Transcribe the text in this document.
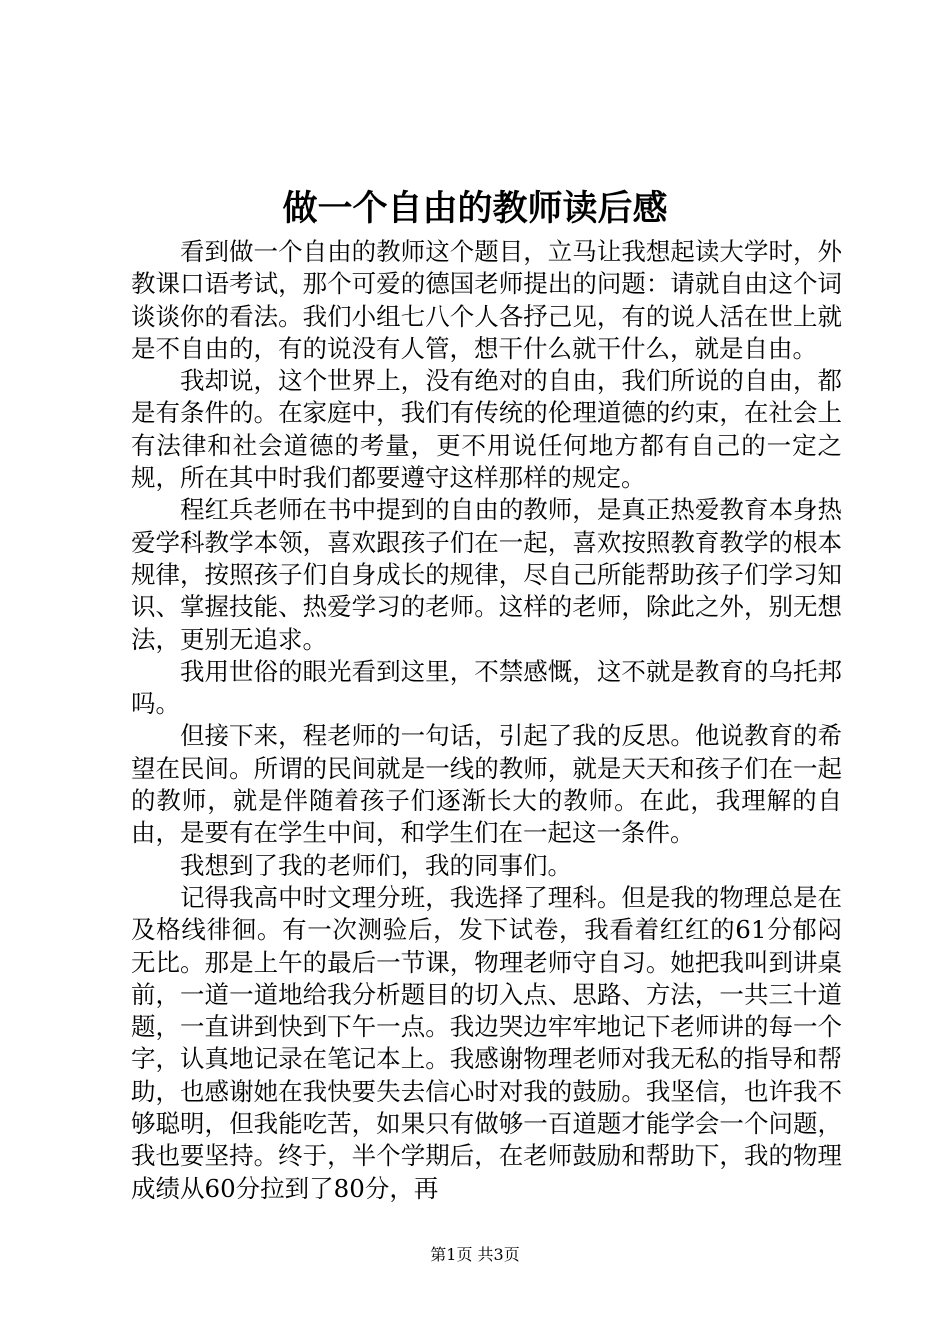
做一个自由的教师读后感

看到做一个自由的教师这个题目，立马让我想起读大学时，外教课口语考试，那个可爱的德国老师提出的问题：请就自由这个词谈谈你的看法。我们小组七八个人各抒己见，有的说人活在世上就是不自由的，有的说没有人管，想干什么就干什么，就是自由。

我却说，这个世界上，没有绝对的自由，我们所说的自由，都是有条件的。在家庭中，我们有传统的伦理道德的约束，在社会上有法律和社会道德的考量，更不用说任何地方都有自己的一定之规，所在其中时我们都要遵守这样那样的规定。

程红兵老师在书中提到的自由的教师，是真正热爱教育本身热爱学科教学本领，喜欢跟孩子们在一起，喜欢按照教育教学的根本规律，按照孩子们自身成长的规律，尽自己所能帮助孩子们学习知识、掌握技能、热爱学习的老师。这样的老师，除此之外，别无想法，更别无追求。

我用世俗的眼光看到这里，不禁感慨，这不就是教育的乌托邦吗。

但接下来，程老师的一句话，引起了我的反思。他说教育的希望在民间。所谓的民间就是一线的教师，就是天天和孩子们在一起的教师，就是伴随着孩子们逐渐长大的教师。在此，我理解的自由，是要有在学生中间，和学生们在一起这一条件。

我想到了我的老师们，我的同事们。

记得我高中时文理分班，我选择了理科。但是我的物理总是在及格线徘徊。有一次测验后，发下试卷，我看着红红的61分郁闷无比。那是上午的最后一节课，物理老师守自习。她把我叫到讲桌前，一道一道地给我分析题目的切入点、思路、方法，一共三十道题，一直讲到快到下午一点。我边哭边牢牢地记下老师讲的每一个字，认真地记录在笔记本上。我感谢物理老师对我无私的指导和帮助，也感谢她在我快要失去信心时对我的鼓励。我坚信，也许我不够聪明，但我能吃苦，如果只有做够一百道题才能学会一个问题，我也要坚持。终于，半个学期后，在老师鼓励和帮助下，我的物理成绩从60分拉到了80分，再

第1页 共3页
